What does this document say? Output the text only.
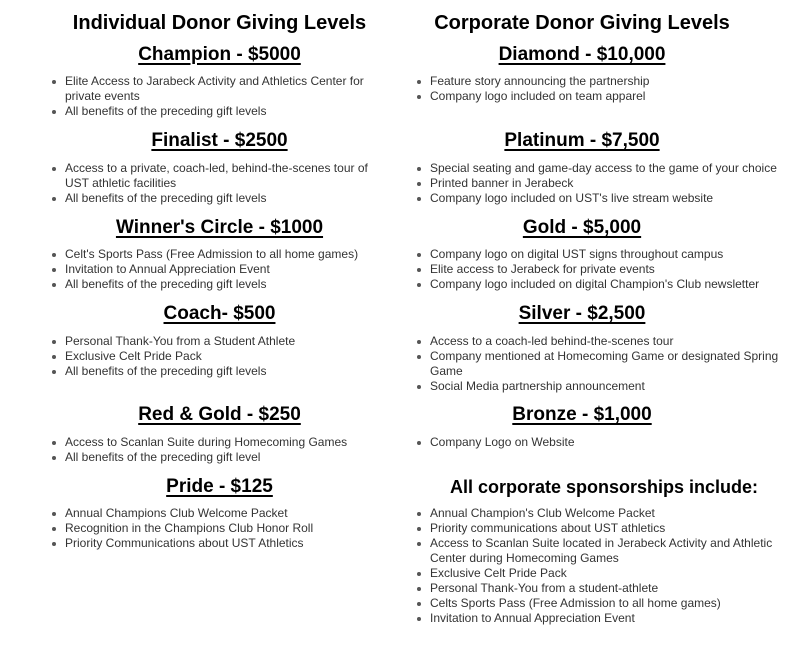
Individual Donor Giving Levels
Champion - $5000
Elite Access to Jarabeck Activity and Athletics Center for private events
All benefits of the preceding gift levels
Finalist - $2500
Access to a private, coach-led, behind-the-scenes tour of UST athletic facilities
All benefits of the preceding gift levels
Winner's Circle - $1000
Celt's Sports Pass (Free Admission to all home games)
Invitation to Annual Appreciation Event
All benefits of the preceding gift levels
Coach- $500
Personal Thank-You from a Student Athlete
Exclusive Celt Pride Pack
All benefits of the preceding gift levels
Red & Gold - $250
Access to Scanlan Suite during Homecoming Games
All benefits of the preceding gift level
Pride - $125
Annual Champions Club Welcome Packet
Recognition in the Champions Club Honor Roll
Priority Communications about UST Athletics
Corporate Donor Giving Levels
Diamond - $10,000
Feature story announcing the partnership
Company logo included on team apparel
Platinum - $7,500
Special seating and game-day access to the game of your choice
Printed banner in Jerabeck
Company logo included on UST's live stream website
Gold - $5,000
Company logo on digital UST signs throughout campus
Elite access to Jerabeck for private events
Company logo included on digital Champion's Club newsletter
Silver - $2,500
Access to a coach-led behind-the-scenes tour
Company mentioned at Homecoming Game or designated Spring Game
Social Media partnership announcement
Bronze - $1,000
Company Logo on Website
All corporate sponsorships include:
Annual Champion's Club Welcome Packet
Priority communications about UST athletics
Access to Scanlan Suite located in Jerabeck Activity and Athletic Center during Homecoming Games
Exclusive Celt Pride Pack
Personal Thank-You from a student-athlete
Celts Sports Pass (Free Admission to all home games)
Invitation to Annual Appreciation Event
